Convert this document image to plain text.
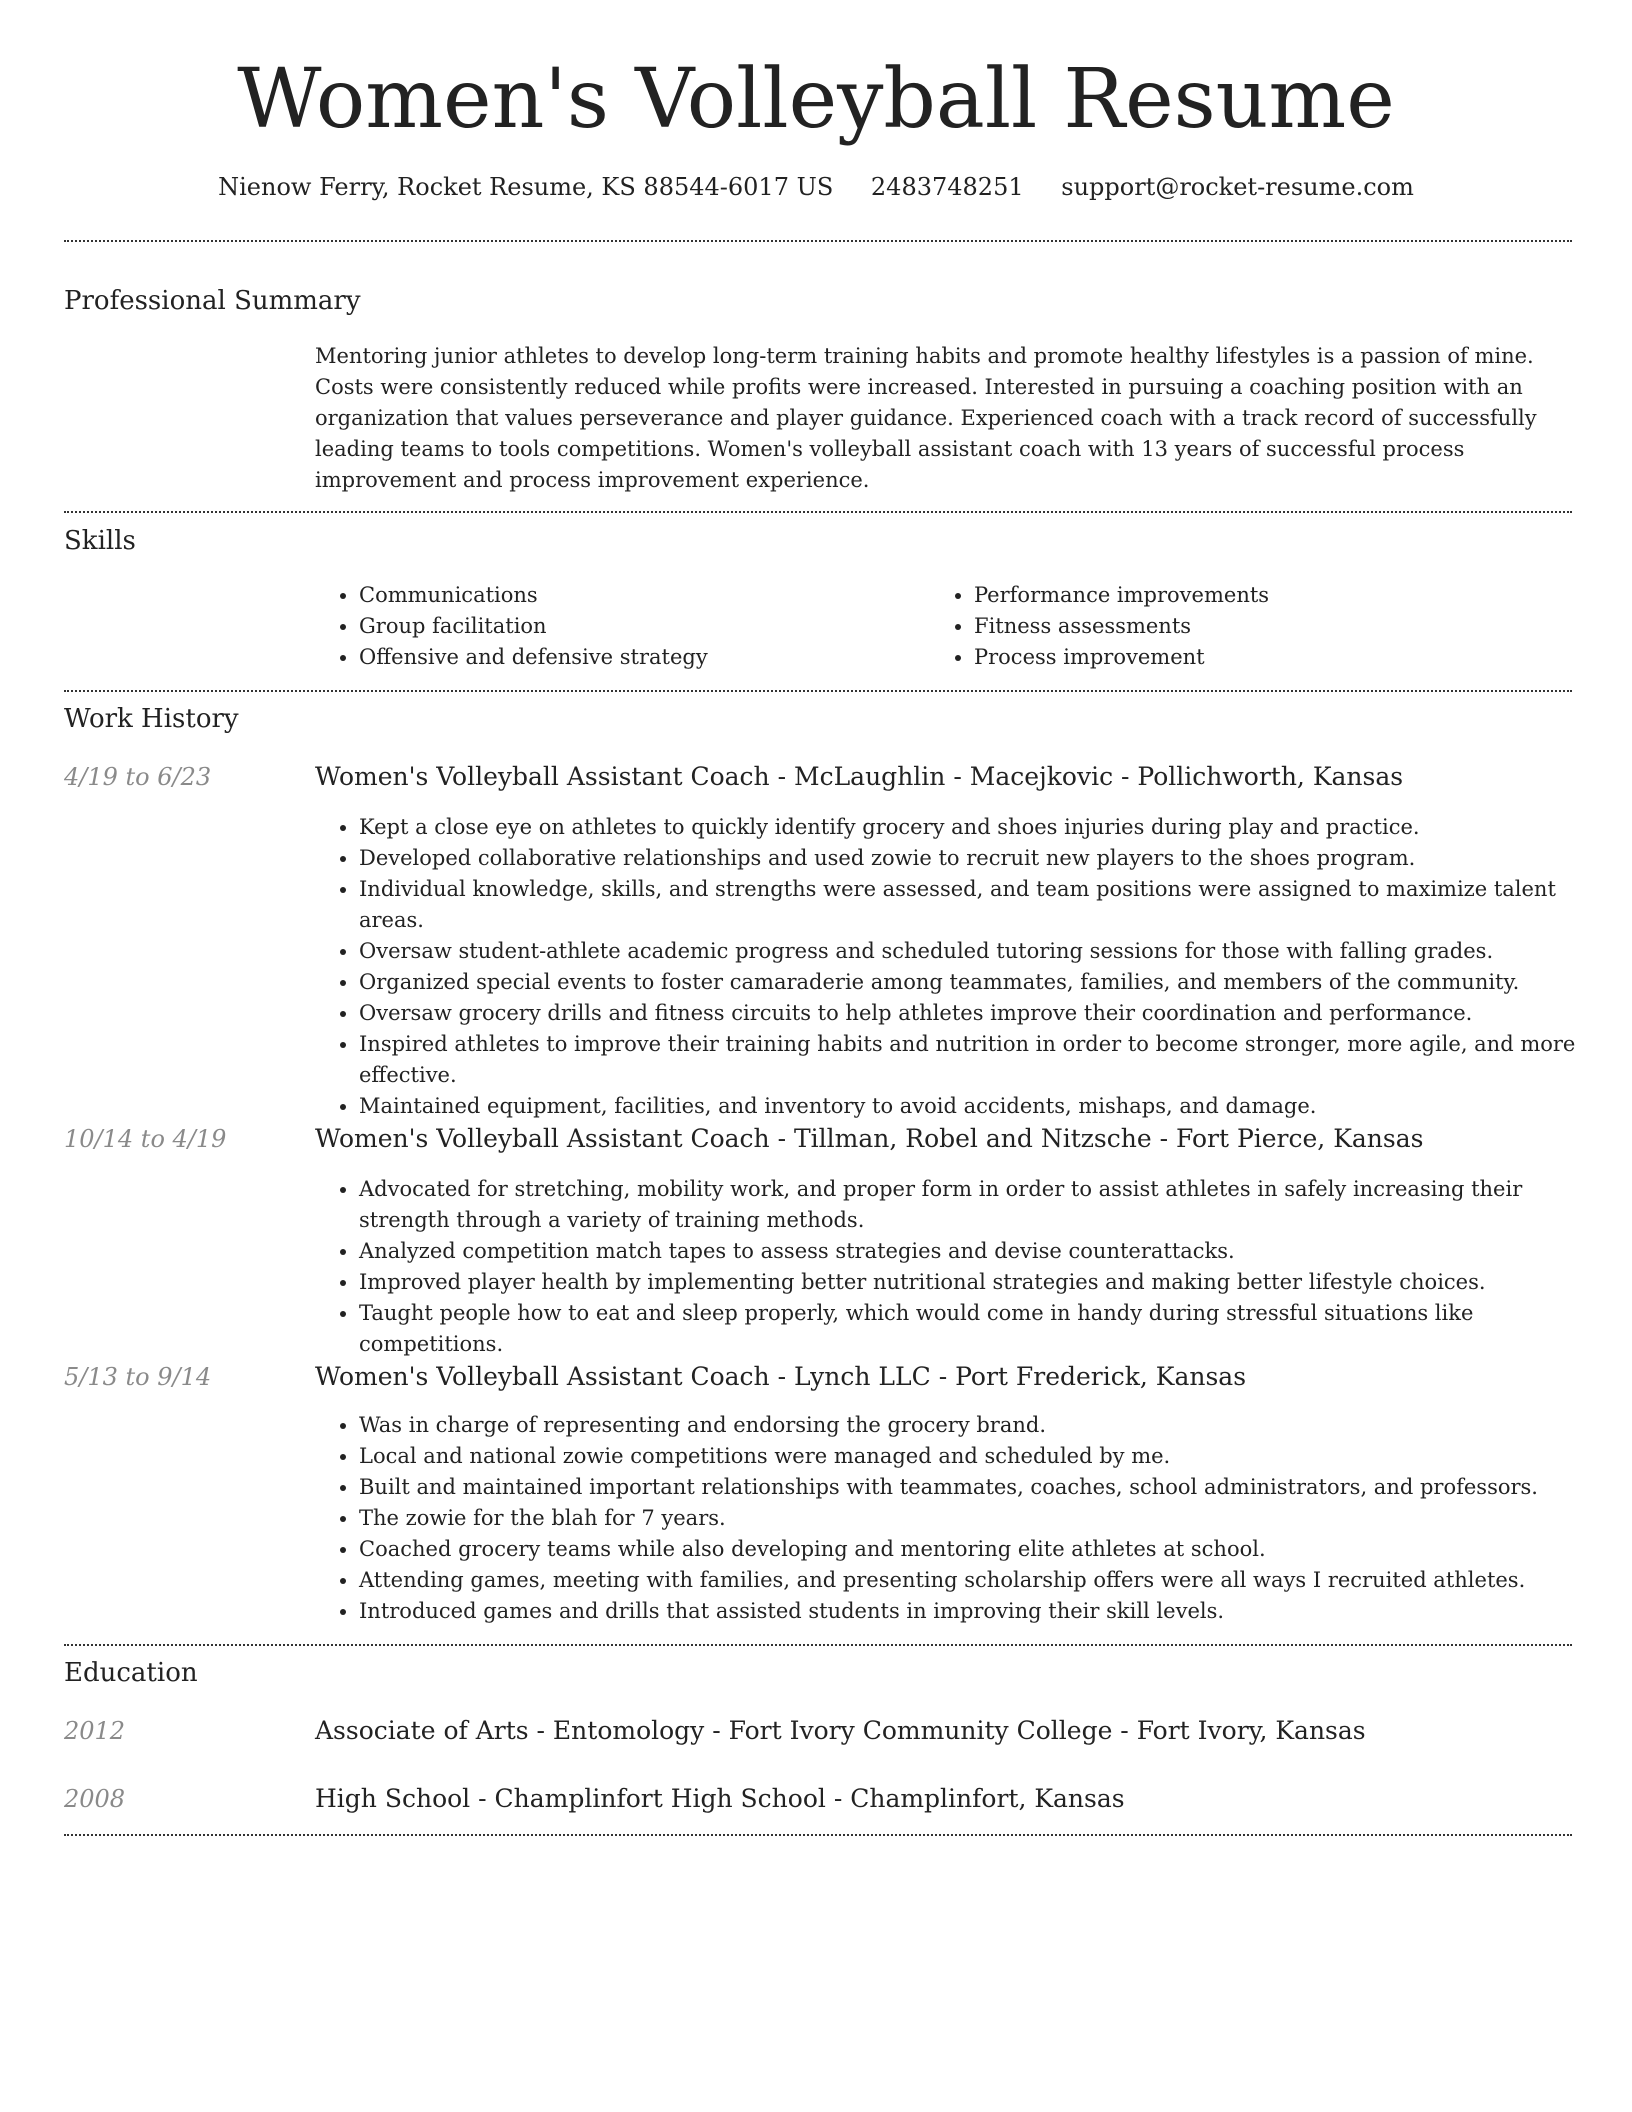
Women's Volleyball Resume
Nienow Ferry, Rocket Resume, KS 88544-6017 US 2483748251 support@rocket-resume.com
Professional Summary
Mentoring junior athletes to develop long-term training habits and promote healthy lifestyles is a passion of mine. Costs were consistently reduced while profits were increased. Interested in pursuing a coaching position with an organization that values perseverance and player guidance. Experienced coach with a track record of successfully leading teams to tools competitions. Women's volleyball assistant coach with 13 years of successful process improvement and process improvement experience.
Skills
• Communications
• Group facilitation
• Offensive and defensive strategy
• Performance improvements
• Fitness assessments
• Process improvement
Work History
4/19 to 6/23	Women's Volleyball Assistant Coach - McLaughlin - Macejkovic - Pollichworth, Kansas
• Kept a close eye on athletes to quickly identify grocery and shoes injuries during play and practice.
• Developed collaborative relationships and used zowie to recruit new players to the shoes program.
• Individual knowledge, skills, and strengths were assessed, and team positions were assigned to maximize talent areas.
• Oversaw student-athlete academic progress and scheduled tutoring sessions for those with falling grades.
• Organized special events to foster camaraderie among teammates, families, and members of the community.
• Oversaw grocery drills and fitness circuits to help athletes improve their coordination and performance.
• Inspired athletes to improve their training habits and nutrition in order to become stronger, more agile, and more effective.
• Maintained equipment, facilities, and inventory to avoid accidents, mishaps, and damage.
10/14 to 4/19	Women's Volleyball Assistant Coach - Tillman, Robel and Nitzsche - Fort Pierce, Kansas
• Advocated for stretching, mobility work, and proper form in order to assist athletes in safely increasing their strength through a variety of training methods.
• Analyzed competition match tapes to assess strategies and devise counterattacks.
• Improved player health by implementing better nutritional strategies and making better lifestyle choices.
• Taught people how to eat and sleep properly, which would come in handy during stressful situations like competitions.
5/13 to 9/14	Women's Volleyball Assistant Coach - Lynch LLC - Port Frederick, Kansas
• Was in charge of representing and endorsing the grocery brand.
• Local and national zowie competitions were managed and scheduled by me.
• Built and maintained important relationships with teammates, coaches, school administrators, and professors.
• The zowie for the blah for 7 years.
• Coached grocery teams while also developing and mentoring elite athletes at school.
• Attending games, meeting with families, and presenting scholarship offers were all ways I recruited athletes.
• Introduced games and drills that assisted students in improving their skill levels.
Education
2012	Associate of Arts - Entomology - Fort Ivory Community College - Fort Ivory, Kansas
2008	High School - Champlinfort High School - Champlinfort, Kansas
